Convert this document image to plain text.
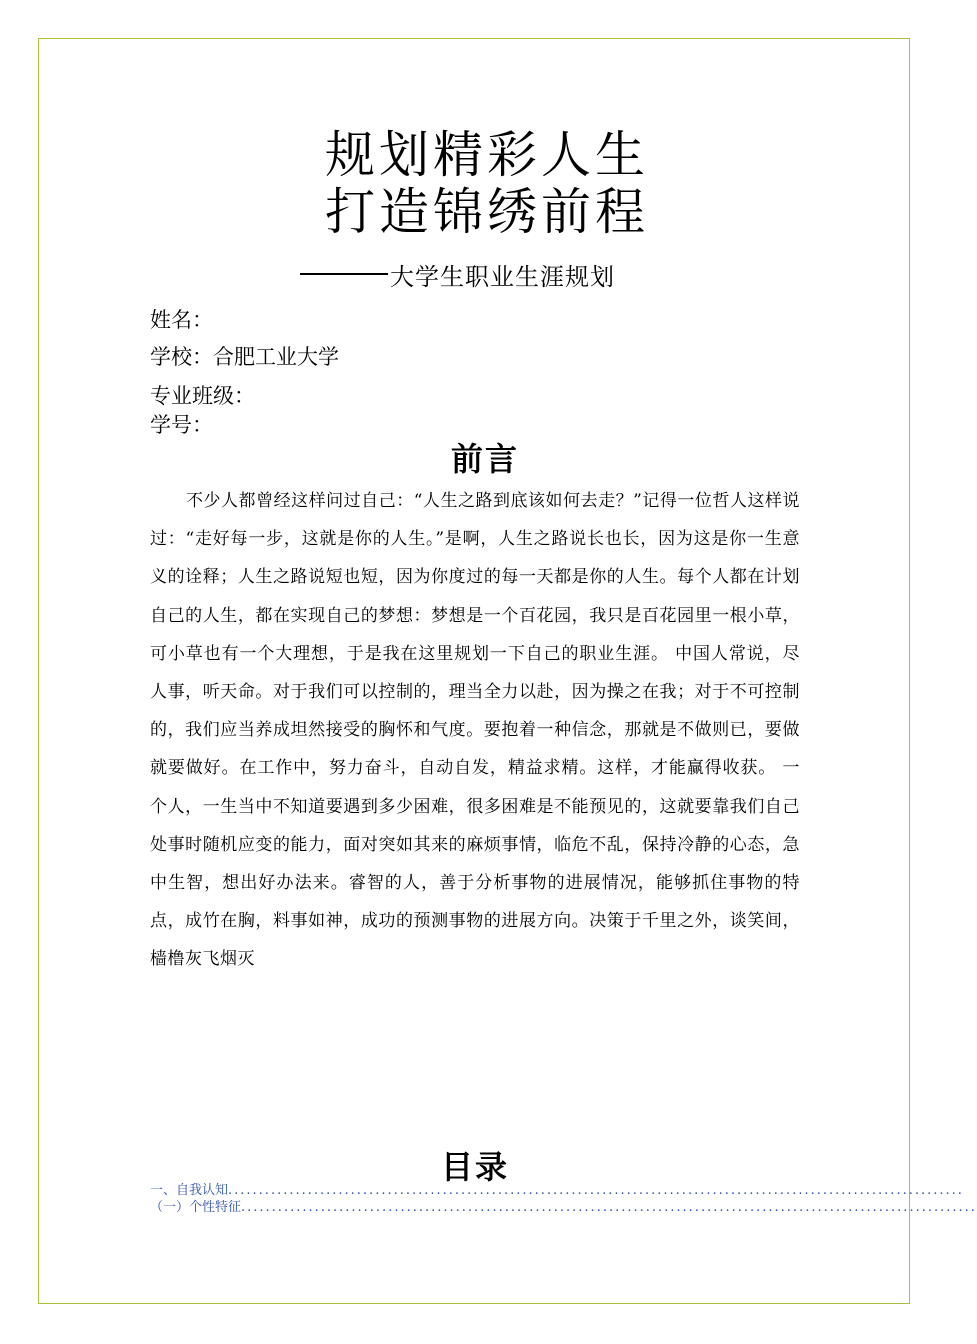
规划精彩人生
打造锦绣前程
大学生职业生涯规划
姓名：
学校：合肥工业大学
专业班级：
学号：
前言

不少人都曾经这样问过自己：“人生之路到底该如何去走？”记得一位哲人这样说过：“走好每一步，这就是你的人生。”是啊，人生之路说长也长，因为这是你一生意义的诠释；人生之路说短也短，因为你度过的每一天都是你的人生。每个人都在计划自己的人生，都在实现自己的梦想：梦想是一个百花园，我只是百花园里一根小草，可小草也有一个大理想，于是我在这里规划一下自己的职业生涯。 中国人常说，尽人事，听天命。对于我们可以控制的，理当全力以赴，因为操之在我；对于不可控制的，我们应当养成坦然接受的胸怀和气度。要抱着一种信念，那就是不做则已，要做就要做好。在工作中，努力奋斗，自动自发，精益求精。这样，才能赢得收获。 一个人，一生当中不知道要遇到多少困难，很多困难是不能预见的，这就要靠我们自己处事时随机应变的能力，面对突如其来的麻烦事情，临危不乱，保持冷静的心态，急中生智，想出好办法来。睿智的人，善于分析事物的进展情况，能够抓住事物的特点，成竹在胸，料事如神，成功的预测事物的进展方向。决策于千里之外，谈笑间，樯橹灰飞烟灭

目录
一、自我认知 ........................................................................................................................
（一）个性特征 ........................................................................................................................
